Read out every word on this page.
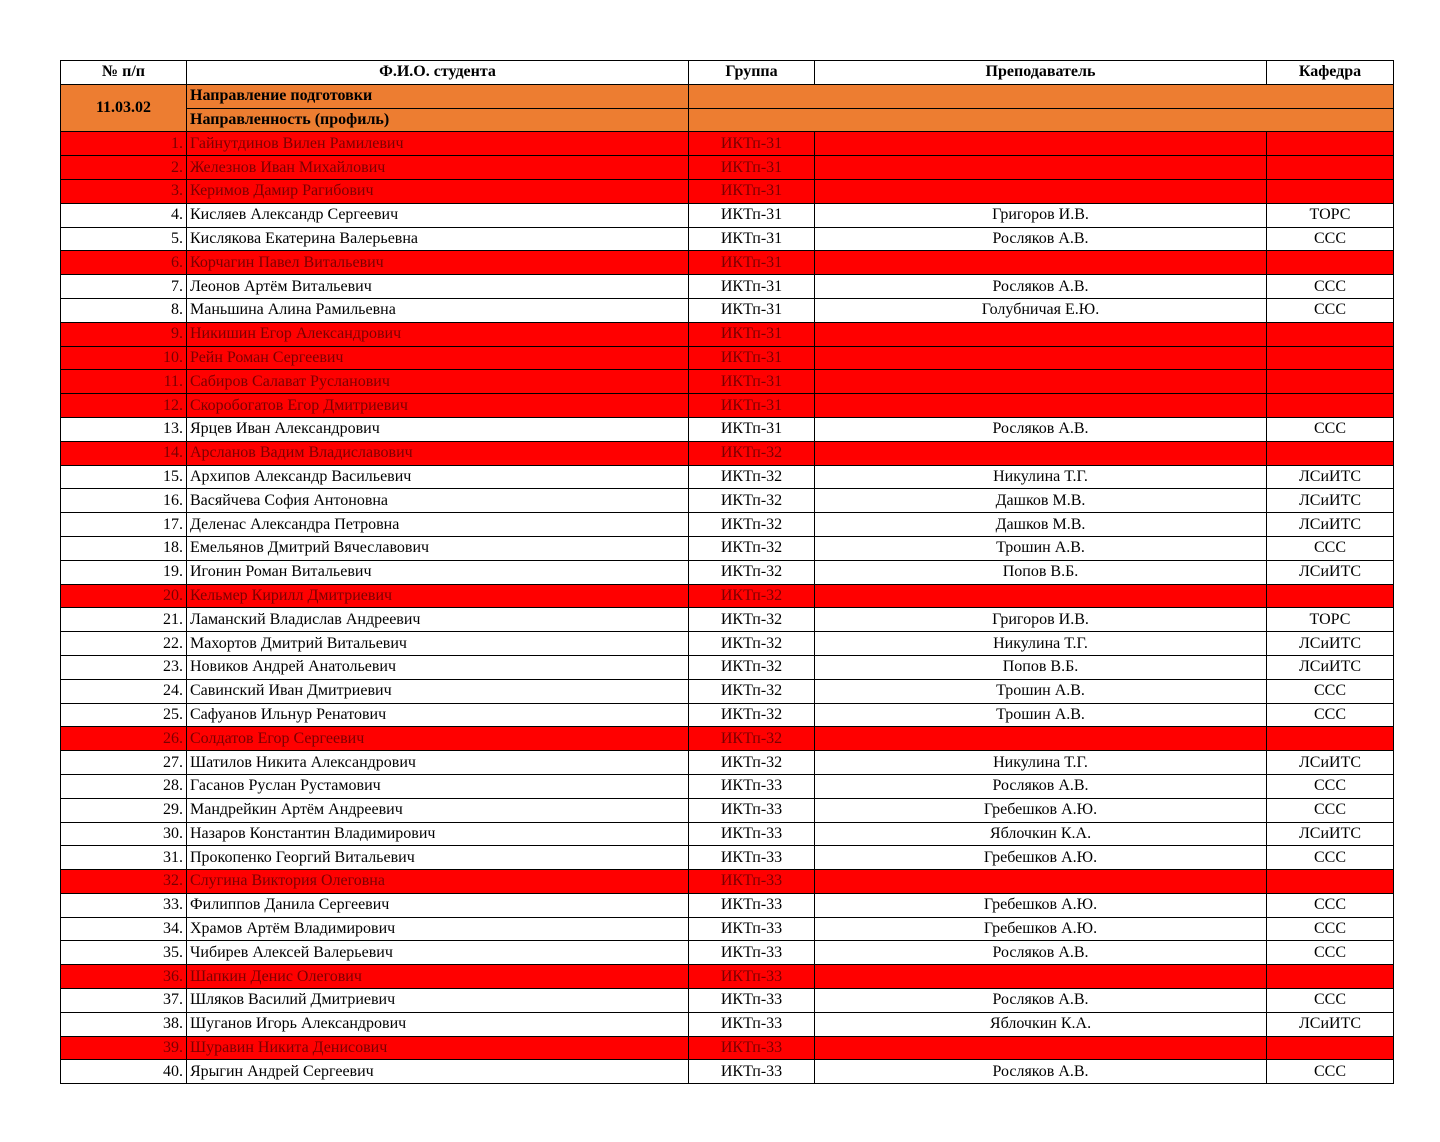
№ п/п	Ф.И.О. студента	Группа	Преподаватель	Кафедра
11.03.02	Направление подготовки			
	Направленность (профиль)			
1.	Гайнутдинов Вилен Рамилевич	ИКТп-31		
2.	Железнов Иван Михайлович	ИКТп-31		
3.	Керимов Дамир Рагибович	ИКТп-31		
4.	Кисляев Александр Сергеевич	ИКТп-31	Григоров И.В.	ТОРС
5.	Кислякова Екатерина Валерьевна	ИКТп-31	Росляков А.В.	ССС
6.	Корчагин Павел Витальевич	ИКТп-31		
7.	Леонов Артём Витальевич	ИКТп-31	Росляков А.В.	ССС
8.	Маньшина Алина Рамильевна	ИКТп-31	Голубничая Е.Ю.	ССС
9.	Никишин Егор Александрович	ИКТп-31		
10.	Рейн Роман Сергеевич	ИКТп-31		
11.	Сабиров Салават Русланович	ИКТп-31		
12.	Скоробогатов Егор Дмитриевич	ИКТп-31		
13.	Ярцев Иван Александрович	ИКТп-31	Росляков А.В.	ССС
14.	Арсланов Вадим Владиславович	ИКТп-32		
15.	Архипов Александр Васильевич	ИКТп-32	Никулина Т.Г.	ЛСиИТС
16.	Васяйчева София Антоновна	ИКТп-32	Дашков М.В.	ЛСиИТС
17.	Деленас Александра Петровна	ИКТп-32	Дашков М.В.	ЛСиИТС
18.	Емельянов Дмитрий Вячеславович	ИКТп-32	Трошин А.В.	ССС
19.	Игонин Роман Витальевич	ИКТп-32	Попов В.Б.	ЛСиИТС
20.	Кельмер Кирилл Дмитриевич	ИКТп-32		
21.	Ламанский Владислав Андреевич	ИКТп-32	Григоров И.В.	ТОРС
22.	Махортов Дмитрий Витальевич	ИКТп-32	Никулина Т.Г.	ЛСиИТС
23.	Новиков Андрей Анатольевич	ИКТп-32	Попов В.Б.	ЛСиИТС
24.	Савинский Иван Дмитриевич	ИКТп-32	Трошин А.В.	ССС
25.	Сафуанов Ильнур Ренатович	ИКТп-32	Трошин А.В.	ССС
26.	Солдатов Егор Сергеевич	ИКТп-32		
27.	Шатилов Никита Александрович	ИКТп-32	Никулина Т.Г.	ЛСиИТС
28.	Гасанов Руслан Рустамович	ИКТп-33	Росляков А.В.	ССС
29.	Мандрейкин Артём Андреевич	ИКТп-33	Гребешков А.Ю.	ССС
30.	Назаров Константин Владимирович	ИКТп-33	Яблочкин К.А.	ЛСиИТС
31.	Прокопенко Георгий Витальевич	ИКТп-33	Гребешков А.Ю.	ССС
32.	Слугина Виктория Олеговна	ИКТп-33		
33.	Филиппов Данила Сергеевич	ИКТп-33	Гребешков А.Ю.	ССС
34.	Храмов Артём Владимирович	ИКТп-33	Гребешков А.Ю.	ССС
35.	Чибирев Алексей Валерьевич	ИКТп-33	Росляков А.В.	ССС
36.	Шапкин Денис Олегович	ИКТп-33		
37.	Шляков Василий Дмитриевич	ИКТп-33	Росляков А.В.	ССС
38.	Шуганов Игорь Александрович	ИКТп-33	Яблочкин К.А.	ЛСиИТС
39.	Шуравин Никита Денисович	ИКТп-33		
40.	Ярыгин Андрей Сергеевич	ИКТп-33	Росляков А.В.	ССС
